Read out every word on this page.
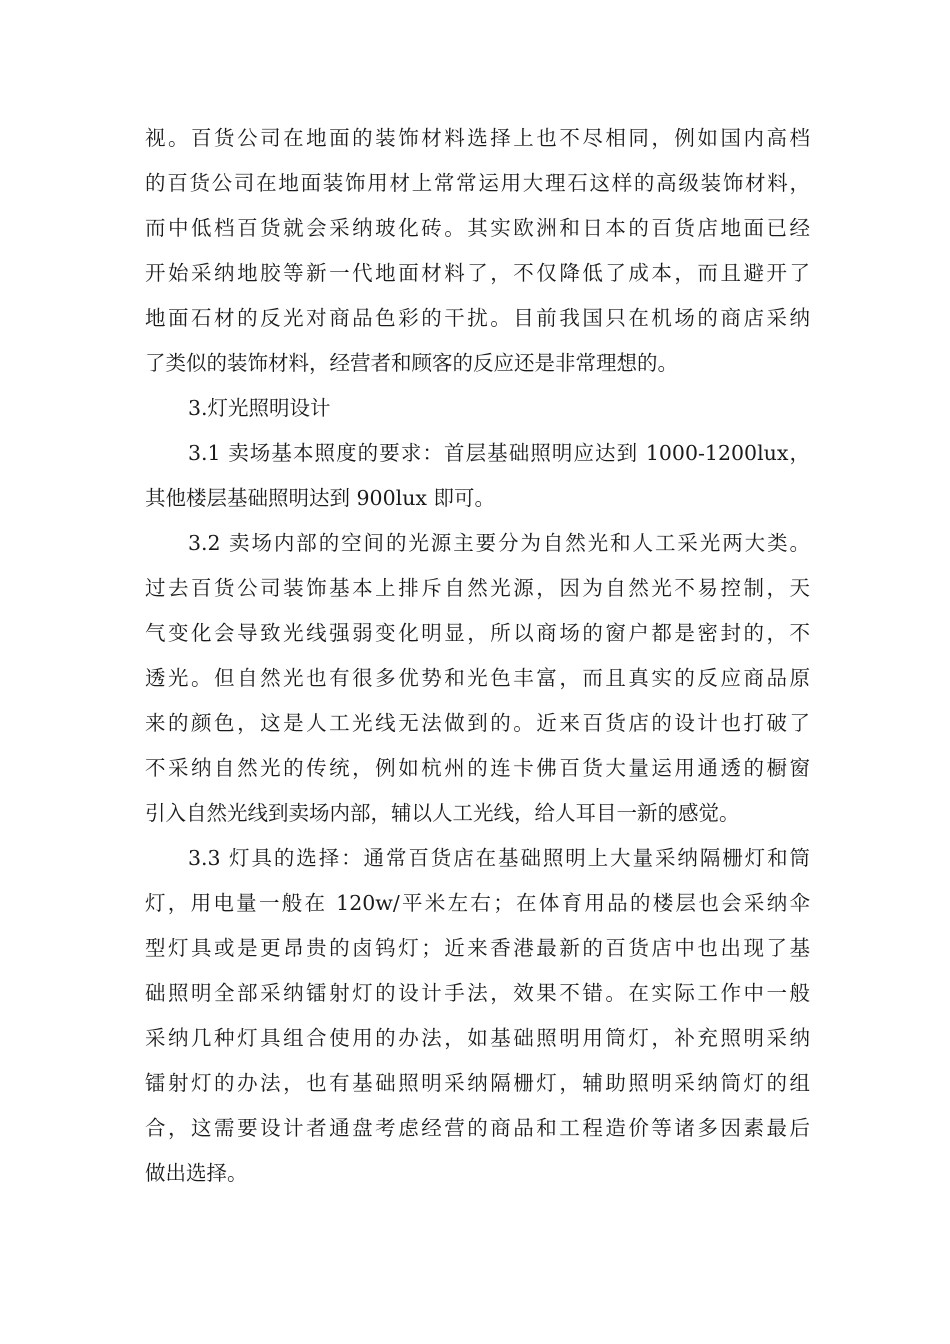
视。百货公司在地面的装饰材料选择上也不尽相同，例如国内高档
的百货公司在地面装饰用材上常常运用大理石这样的高级装饰材料，
而中低档百货就会采纳玻化砖。其实欧洲和日本的百货店地面已经
开始采纳地胶等新一代地面材料了，不仅降低了成本，而且避开了
地面石材的反光对商品色彩的干扰。目前我国只在机场的商店采纳
了类似的装饰材料，经营者和顾客的反应还是非常理想的。
3.灯光照明设计
3.1 卖场基本照度的要求：首层基础照明应达到 1000-1200lux，
其他楼层基础照明达到 900lux 即可。
3.2 卖场内部的空间的光源主要分为自然光和人工采光两大类。
过去百货公司装饰基本上排斥自然光源，因为自然光不易控制，天
气变化会导致光线强弱变化明显，所以商场的窗户都是密封的，不
透光。但自然光也有很多优势和光色丰富，而且真实的反应商品原
来的颜色，这是人工光线无法做到的。近来百货店的设计也打破了
不采纳自然光的传统，例如杭州的连卡佛百货大量运用通透的橱窗
引入自然光线到卖场内部，辅以人工光线，给人耳目一新的感觉。
3.3 灯具的选择：通常百货店在基础照明上大量采纳隔栅灯和筒
灯，用电量一般在 120w/平米左右；在体育用品的楼层也会采纳伞
型灯具或是更昂贵的卤钨灯；近来香港最新的百货店中也出现了基
础照明全部采纳镭射灯的设计手法，效果不错。在实际工作中一般
采纳几种灯具组合使用的办法，如基础照明用筒灯，补充照明采纳
镭射灯的办法，也有基础照明采纳隔栅灯，辅助照明采纳筒灯的组
合，这需要设计者通盘考虑经营的商品和工程造价等诸多因素最后
做出选择。
